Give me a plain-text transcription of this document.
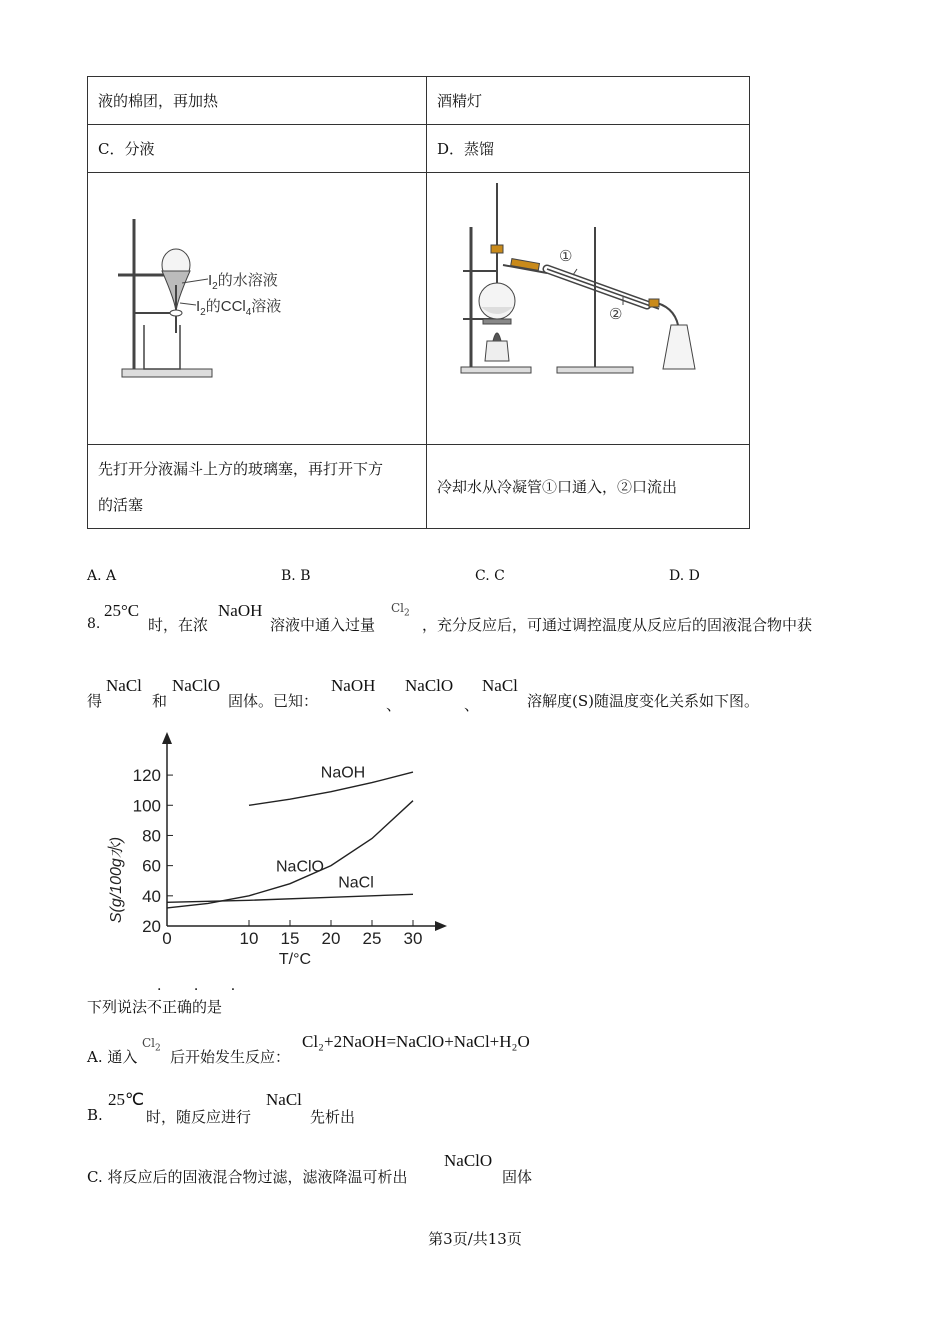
液的棉团，再加热	酒精灯
C．分液	D．蒸馏

$I_2$的水溶液
$I_2$的CCl$_4$溶液	①
②

先打开分液漏斗上方的玻璃塞，再打开下方
的活塞	冷却水从冷凝管①口通入，②口流出
A. A	B. B	C. C	D. D
8.
25°C
时，在浓
NaOH
溶液中通入过量
$Cl_2$
，充分反应后，可通过调控温度从反应后的固液混合物中获
得
NaCl
和
NaClO
固体。已知：
NaOH
、
NaClO
、
NaCl
溶解度(S)随温度变化关系如下图。
20
40
60
80
100
120
0	10 15 20 25 30
NaOH
NaClO
NaCl
S(g/100g水)
T/°C
下列说法不正确的是
· · ·
A. 通入
$Cl_2$ 后开始发生反应：
Cl₂+2NaOH=NaClO+NaCl+H₂O
B.
25℃
时，随反应进行
NaCl
先析出
C. 将反应后的固液混合物过滤，滤液降温可析出
NaClO
固体
第3页/共13页
